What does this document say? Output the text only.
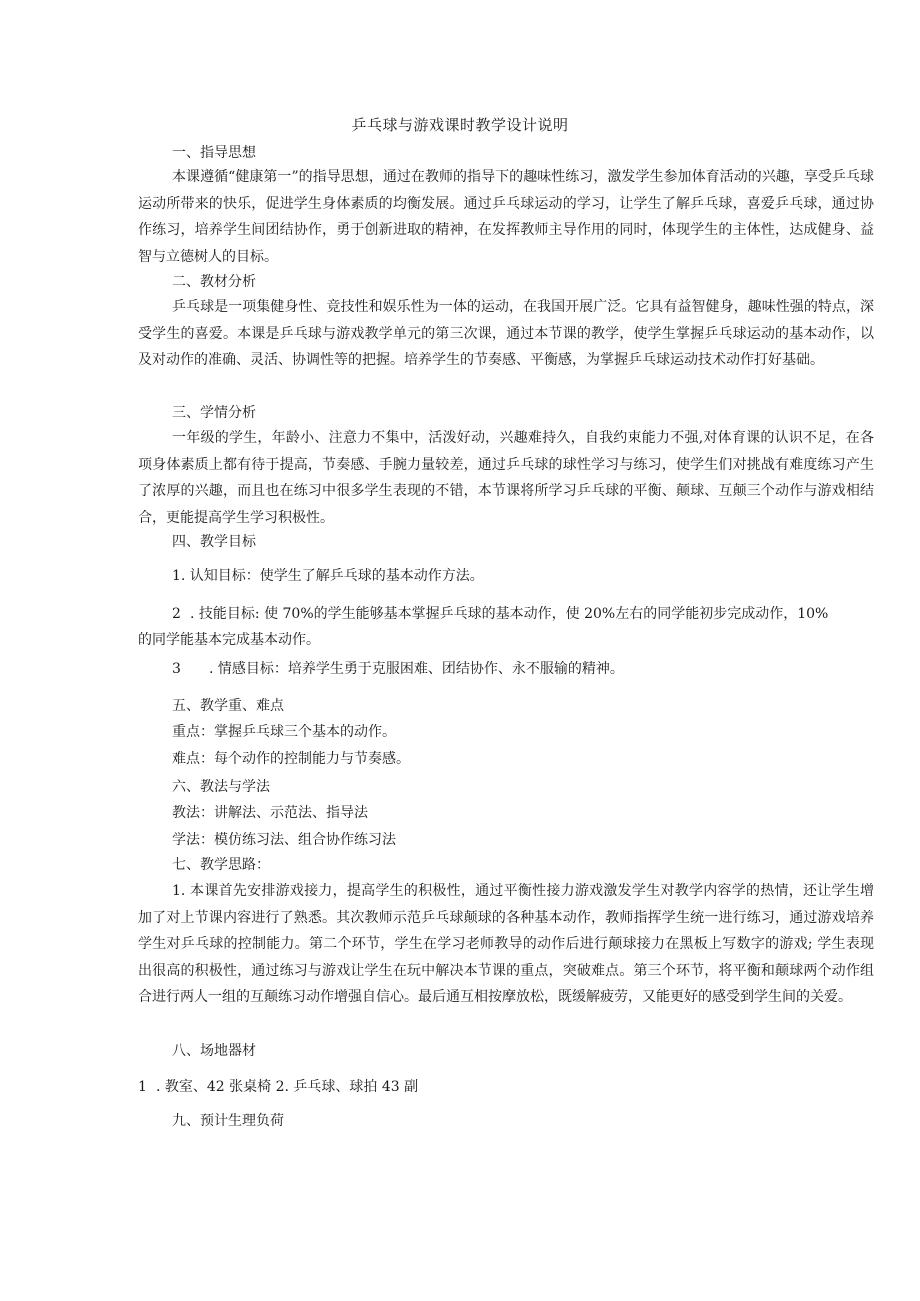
乒乓球与游戏课时教学设计说明
一、指导思想
本课遵循“健康第一”的指导思想，通过在教师的指导下的趣味性练习，激发学生参加体育活动的兴趣，享受乒乓球运动所带来的快乐，促进学生身体素质的均衡发展。通过乒乓球运动的学习，让学生了解乒乓球，喜爱乒乓球，通过协作练习，培养学生间团结协作，勇于创新进取的精神，在发挥教师主导作用的同时，体现学生的主体性，达成健身、益智与立德树人的目标。
二、教材分析
乒乓球是一项集健身性、竞技性和娱乐性为一体的运动，在我国开展广泛。它具有益智健身，趣味性强的特点，深受学生的喜爱。本课是乒乓球与游戏教学单元的第三次课，通过本节课的教学，使学生掌握乒乓球运动的基本动作，以及对动作的准确、灵活、协调性等的把握。培养学生的节奏感、平衡感，为掌握乒乓球运动技术动作打好基础。
三、学情分析
一年级的学生，年龄小、注意力不集中，活泼好动，兴趣难持久，自我约束能力不强,对体育课的认识不足，在各项身体素质上都有待于提高，节奏感、手腕力量较差，通过乒乓球的球性学习与练习，使学生们对挑战有难度练习产生了浓厚的兴趣，而且也在练习中很多学生表现的不错，本节课将所学习乒乓球的平衡、颠球、互颠三个动作与游戏相结合，更能提高学生学习积极性。
四、教学目标
1. 认知目标：使学生了解乒乓球的基本动作方法。
2 . 技能目标: 使 70%的学生能够基本掌握乒乓球的基本动作，使 20%左右的同学能初步完成动作，10%
的同学能基本完成基本动作。
3 . 情感目标：培养学生勇于克服困难、团结协作、永不服输的精神。
五、教学重、难点
重点：掌握乒乓球三个基本的动作。
难点：每个动作的控制能力与节奏感。
六、教法与学法
教法：讲解法、示范法、指导法
学法：模仿练习法、组合协作练习法
七、教学思路：
1. 本课首先安排游戏接力，提高学生的积极性，通过平衡性接力游戏激发学生对教学内容学的热情，还让学生增加了对上节课内容进行了熟悉。其次教师示范乒乓球颠球的各种基本动作，教师指挥学生统一进行练习，通过游戏培养学生对乒乓球的控制能力。第二个环节，学生在学习老师教导的动作后进行颠球接力在黑板上写数字的游戏; 学生表现出很高的积极性，通过练习与游戏让学生在玩中解决本节课的重点，突破难点。第三个环节，将平衡和颠球两个动作组合进行两人一组的互颠练习动作增强自信心。最后通互相按摩放松，既缓解疲劳，又能更好的感受到学生间的关爱。
八、场地器材
1 . 教室、42 张桌椅 2. 乒乓球、球拍 43 副
九、预计生理负荷
